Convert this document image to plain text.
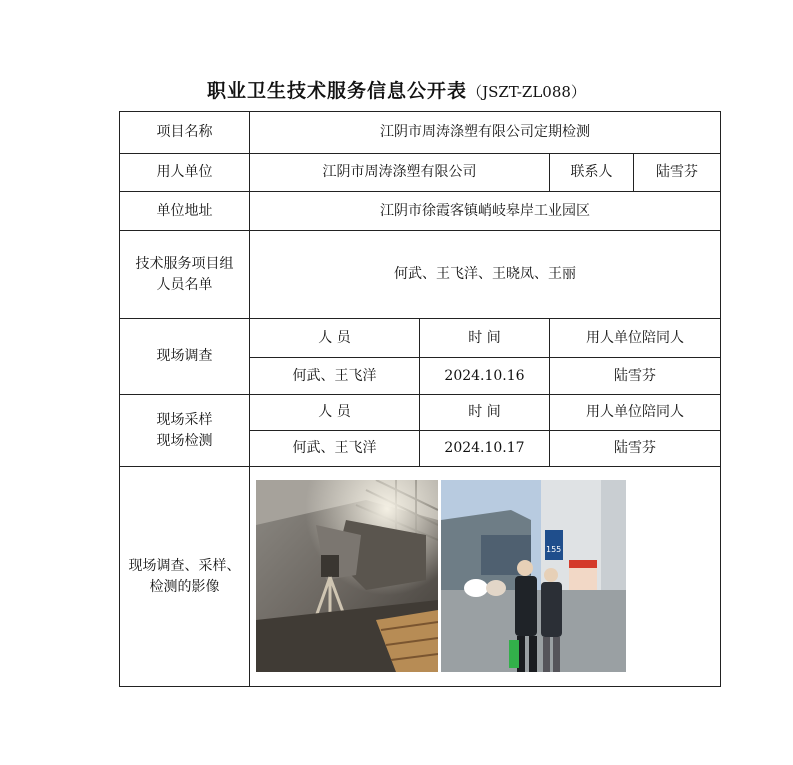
职业卫生技术服务信息公开表（JSZT-ZL088）
项目名称	江阴市周涛涤塑有限公司定期检测			
用人单位	江阴市周涛涤塑有限公司		联系人	陆雪芬
单位地址	江阴市徐霞客镇峭岐皋岸工业园区			

技术服务项目组
人员名单	何武、王飞洋、王晓凤、王丽			
现场调查	人 员	时 间	用人单位陪同人	
	何武、王飞洋	2024.10.16	陆雪芬	

现场采样
现场检测	人 员	时 间	用人单位陪同人	
	何武、王飞洋	2024.10.17	陆雪芬	

现场调查、采样、
检测的影像	155			
